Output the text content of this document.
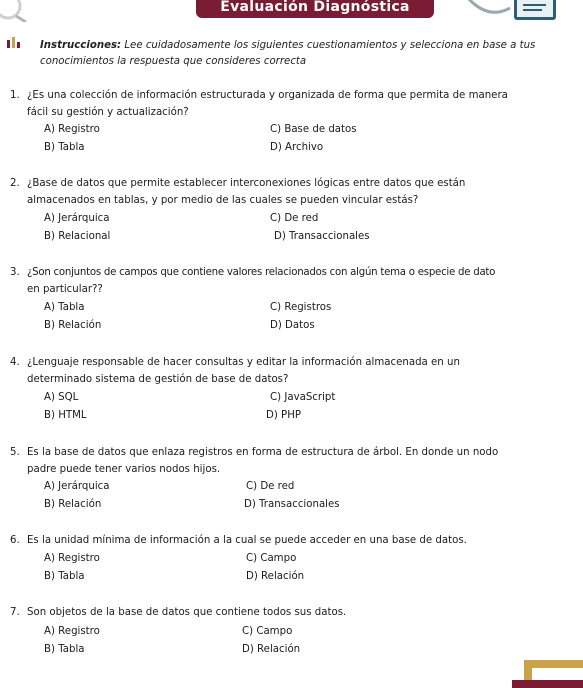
Evaluación Diagnóstica
Instrucciones: Lee cuidadosamente los siguientes cuestionamientos y selecciona en base a tus conocimientos la respuesta que consideres correcta
1. ¿Es una colección de información estructurada y organizada de forma que permita de manera
fácil su gestión y actualización?
A) Registro	C) Base de datos
B) Tabla	D) Archivo
2. ¿Base de datos que permite establecer interconexiones lógicas entre datos que están
almacenados en tablas, y por medio de las cuales se pueden vincular estás?
A) Jerárquica	C) De red
B) Relacional	D) Transaccionales
3. ¿Son conjuntos de campos que contiene valores relacionados con algún tema o especie de dato
en particular??
A) Tabla	C) Registros
B) Relación	D) Datos
4. ¿Lenguaje responsable de hacer consultas y editar la información almacenada en un
determinado sistema de gestión de base de datos?
A) SQL	C) JavaScript
B) HTML	D) PHP
5. Es la base de datos que enlaza registros en forma de estructura de árbol. En donde un nodo
padre puede tener varios nodos hijos.
A) Jerárquica	C) De red
B) Relación	D) Transaccionales
6. Es la unidad mínima de información a la cual se puede acceder en una base de datos.
A) Registro	C) Campo
B) Tabla	D) Relación
7. Son objetos de la base de datos que contiene todos sus datos.
A) Registro	C) Campo
B) Tabla	D) Relación
